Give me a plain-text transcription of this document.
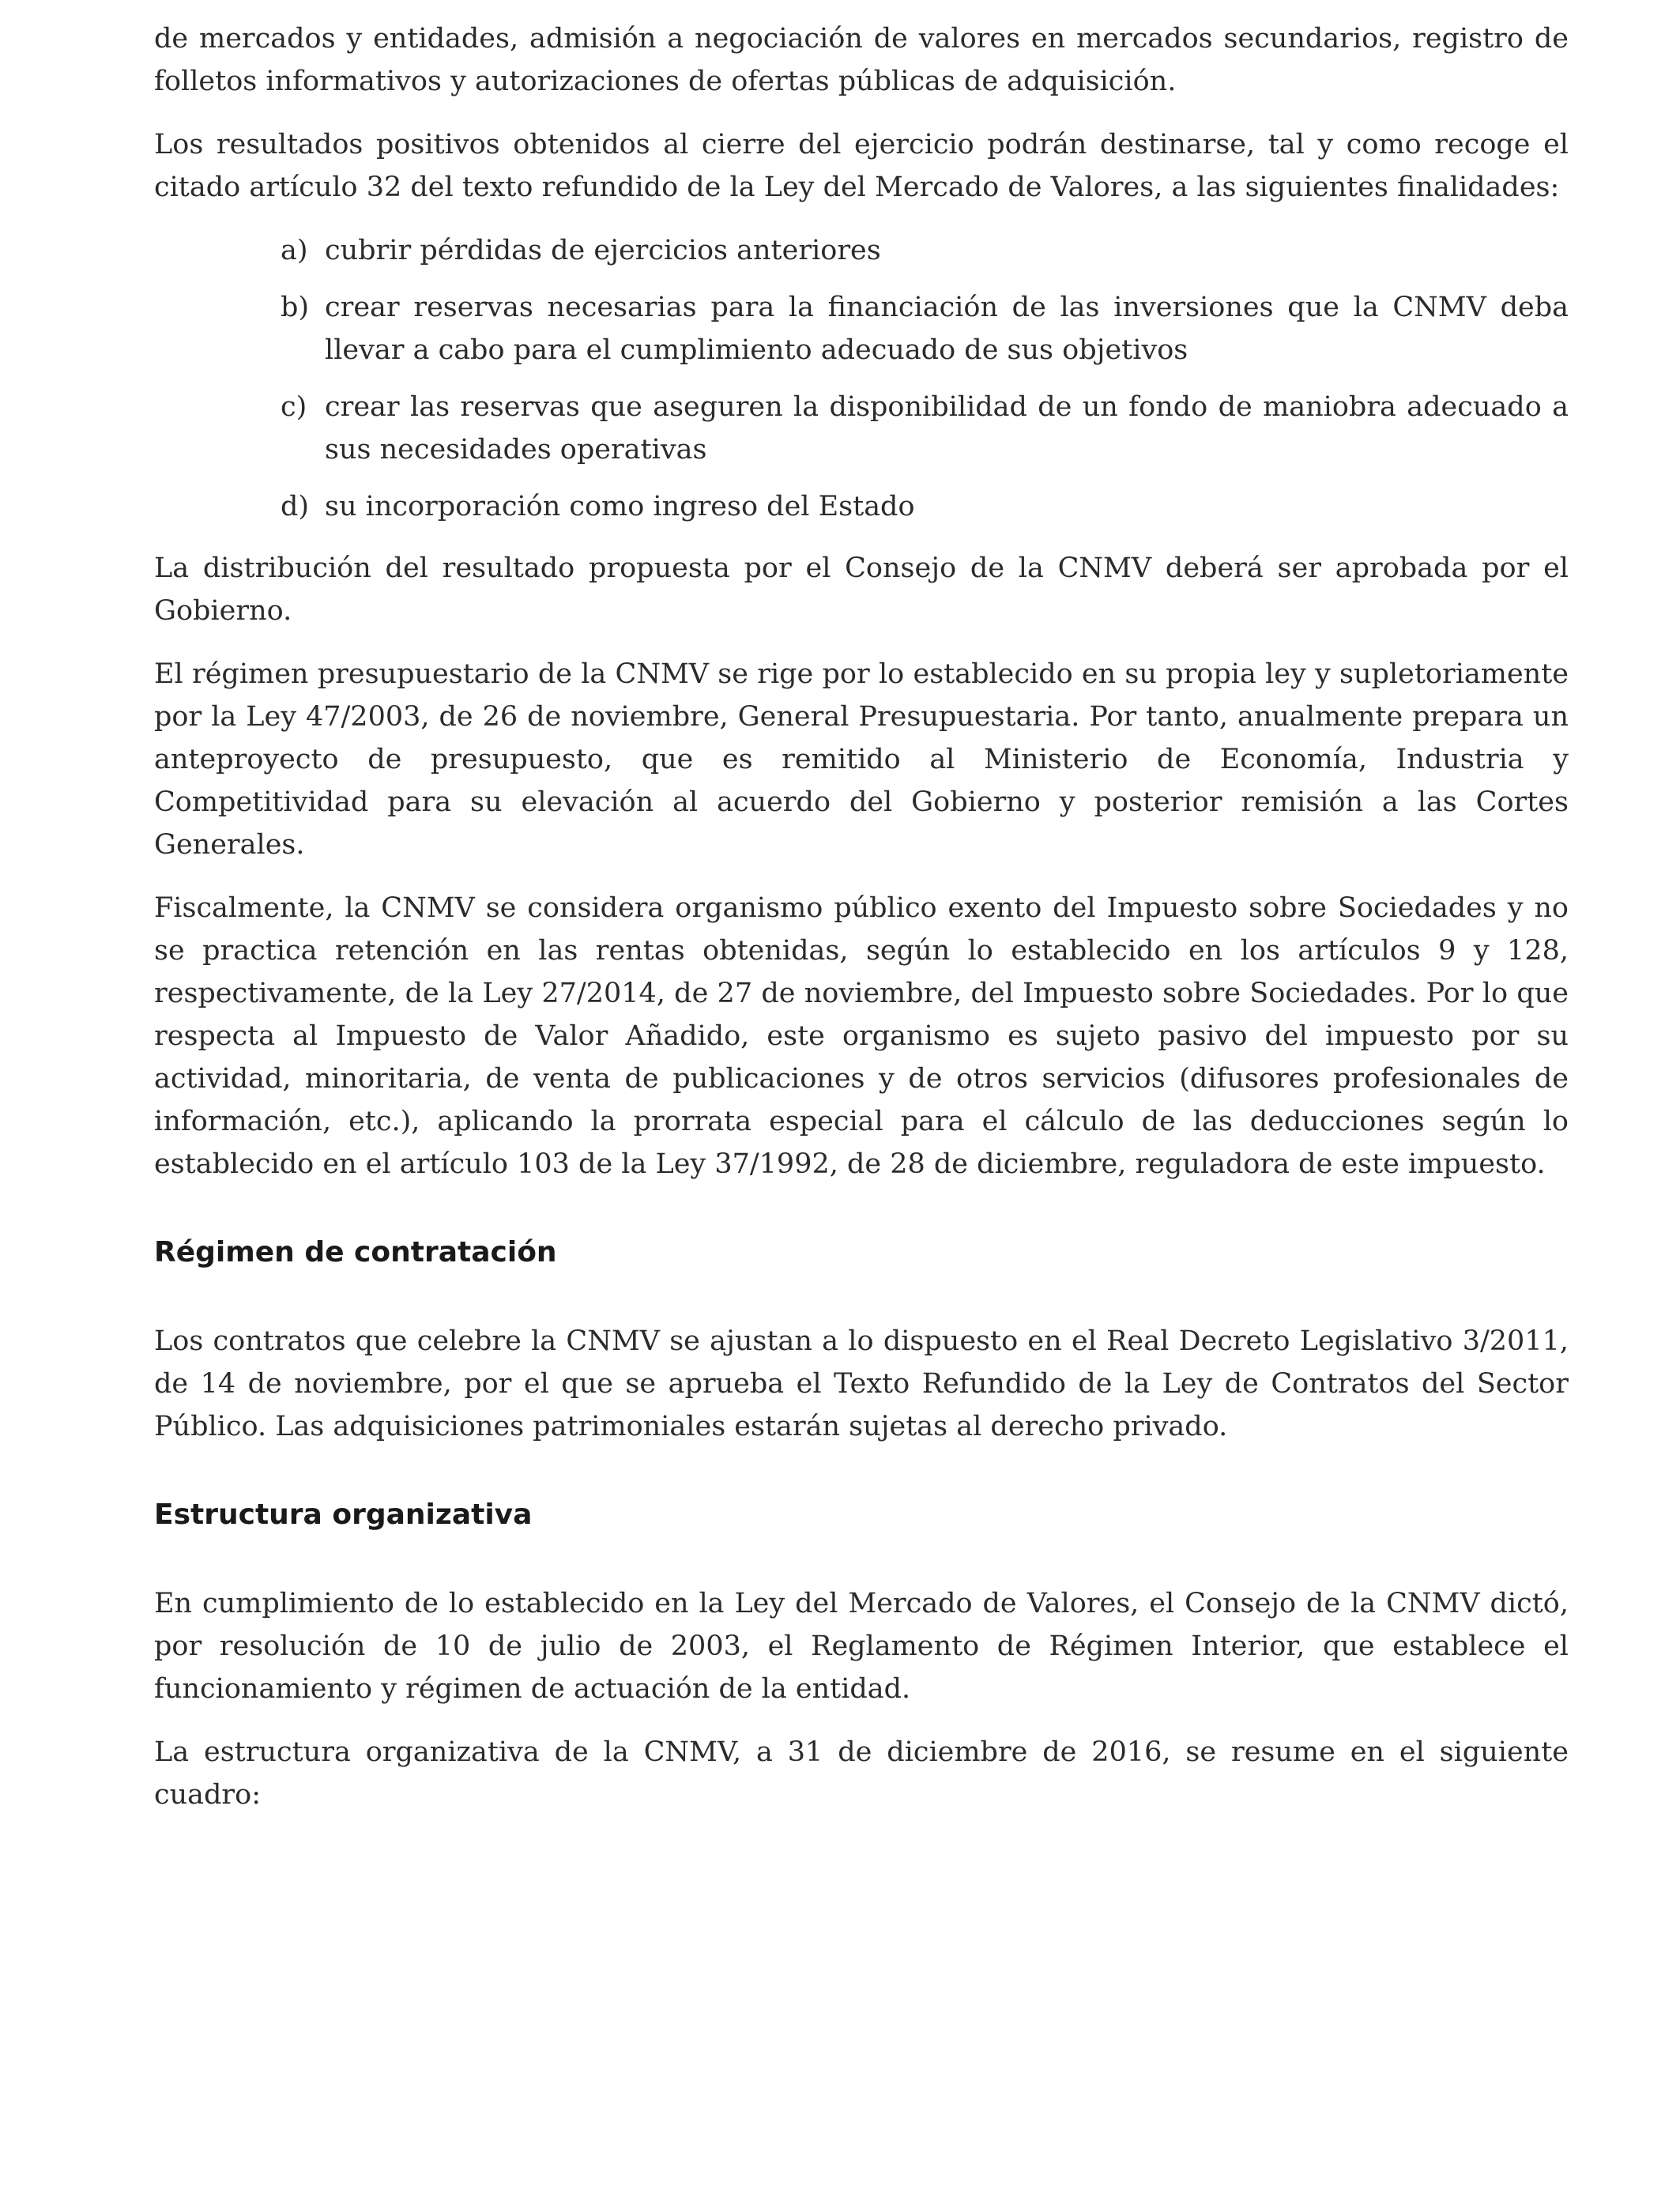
de mercados y entidades, admisión a negociación de valores en mercados secundarios, registro de folletos informativos y autorizaciones de ofertas públicas de adquisición.

Los resultados positivos obtenidos al cierre del ejercicio podrán destinarse, tal y como recoge el citado artículo 32 del texto refundido de la Ley del Mercado de Valores, a las siguientes finalidades:

a) cubrir pérdidas de ejercicios anteriores
b) crear reservas necesarias para la financiación de las inversiones que la CNMV deba llevar a cabo para el cumplimiento adecuado de sus objetivos
c) crear las reservas que aseguren la disponibilidad de un fondo de maniobra adecuado a sus necesidades operativas
d) su incorporación como ingreso del Estado

La distribución del resultado propuesta por el Consejo de la CNMV deberá ser aprobada por el Gobierno.

El régimen presupuestario de la CNMV se rige por lo establecido en su propia ley y supletoriamente por la Ley 47/2003, de 26 de noviembre, General Presupuestaria. Por tanto, anualmente prepara un anteproyecto de presupuesto, que es remitido al Ministerio de Economía, Industria y Competitividad para su elevación al acuerdo del Gobierno y posterior remisión a las Cortes Generales.

Fiscalmente, la CNMV se considera organismo público exento del Impuesto sobre Sociedades y no se practica retención en las rentas obtenidas, según lo establecido en los artículos 9 y 128, respectivamente, de la Ley 27/2014, de 27 de noviembre, del Impuesto sobre Sociedades. Por lo que respecta al Impuesto de Valor Añadido, este organismo es sujeto pasivo del impuesto por su actividad, minoritaria, de venta de publicaciones y de otros servicios (difusores profesionales de información, etc.), aplicando la prorrata especial para el cálculo de las deducciones según lo establecido en el artículo 103 de la Ley 37/1992, de 28 de diciembre, reguladora de este impuesto.

Régimen de contratación

Los contratos que celebre la CNMV se ajustan a lo dispuesto en el Real Decreto Legislativo 3/2011, de 14 de noviembre, por el que se aprueba el Texto Refundido de la Ley de Contratos del Sector Público. Las adquisiciones patrimoniales estarán sujetas al derecho privado.

Estructura organizativa

En cumplimiento de lo establecido en la Ley del Mercado de Valores, el Consejo de la CNMV dictó, por resolución de 10 de julio de 2003, el Reglamento de Régimen Interior, que establece el funcionamiento y régimen de actuación de la entidad.

La estructura organizativa de la CNMV, a 31 de diciembre de 2016, se resume en el siguiente cuadro:
